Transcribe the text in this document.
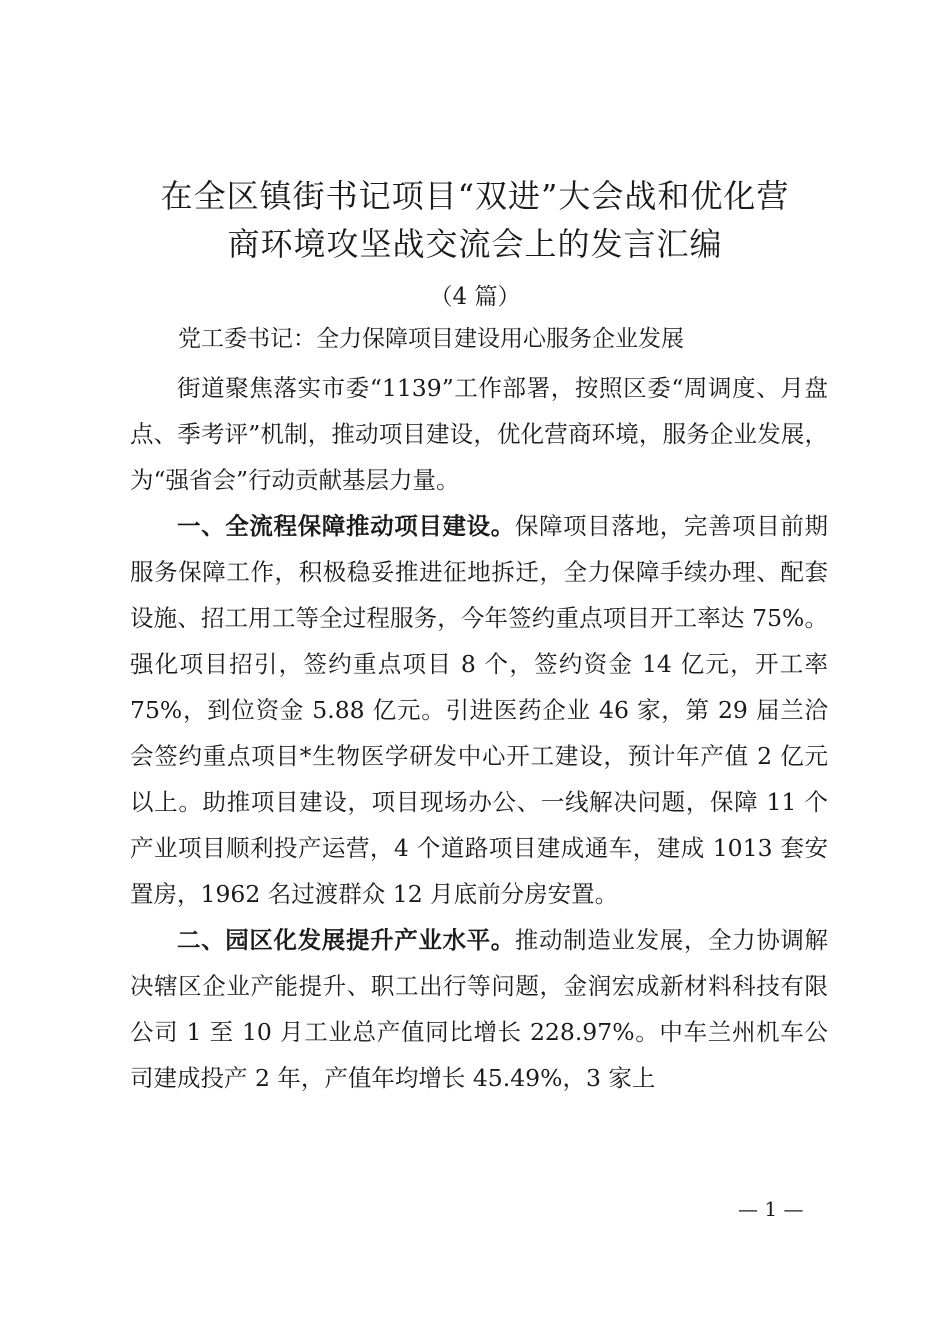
在全区镇街书记项目“双进”大会战和优化营
商环境攻坚战交流会上的发言汇编

（4 篇）

党工委书记：全力保障项目建设用心服务企业发展

街道聚焦落实市委“1139”工作部署，按照区委“周调度、月盘点、季考评”机制，推动项目建设，优化营商环境，服务企业发展，为“强省会”行动贡献基层力量。

一、全流程保障推动项目建设。保障项目落地，完善项目前期服务保障工作，积极稳妥推进征地拆迁，全力保障手续办理、配套设施、招工用工等全过程服务，今年签约重点项目开工率达 75%。强化项目招引，签约重点项目 8 个，签约资金 14 亿元，开工率 75%，到位资金 5.88 亿元。引进医药企业 46 家，第 29 届兰洽会签约重点项目*生物医学研发中心开工建设，预计年产值 2 亿元以上。助推项目建设，项目现场办公、一线解决问题，保障 11 个产业项目顺利投产运营，4 个道路项目建成通车，建成 1013 套安置房，1962 名过渡群众 12 月底前分房安置。

二、园区化发展提升产业水平。推动制造业发展，全力协调解决辖区企业产能提升、职工出行等问题，金润宏成新材料科技有限公司 1 至 10 月工业总产值同比增长 228.97%。中车兰州机车公司建成投产 2 年，产值年均增长 45.49%，3 家上

— 1 —
